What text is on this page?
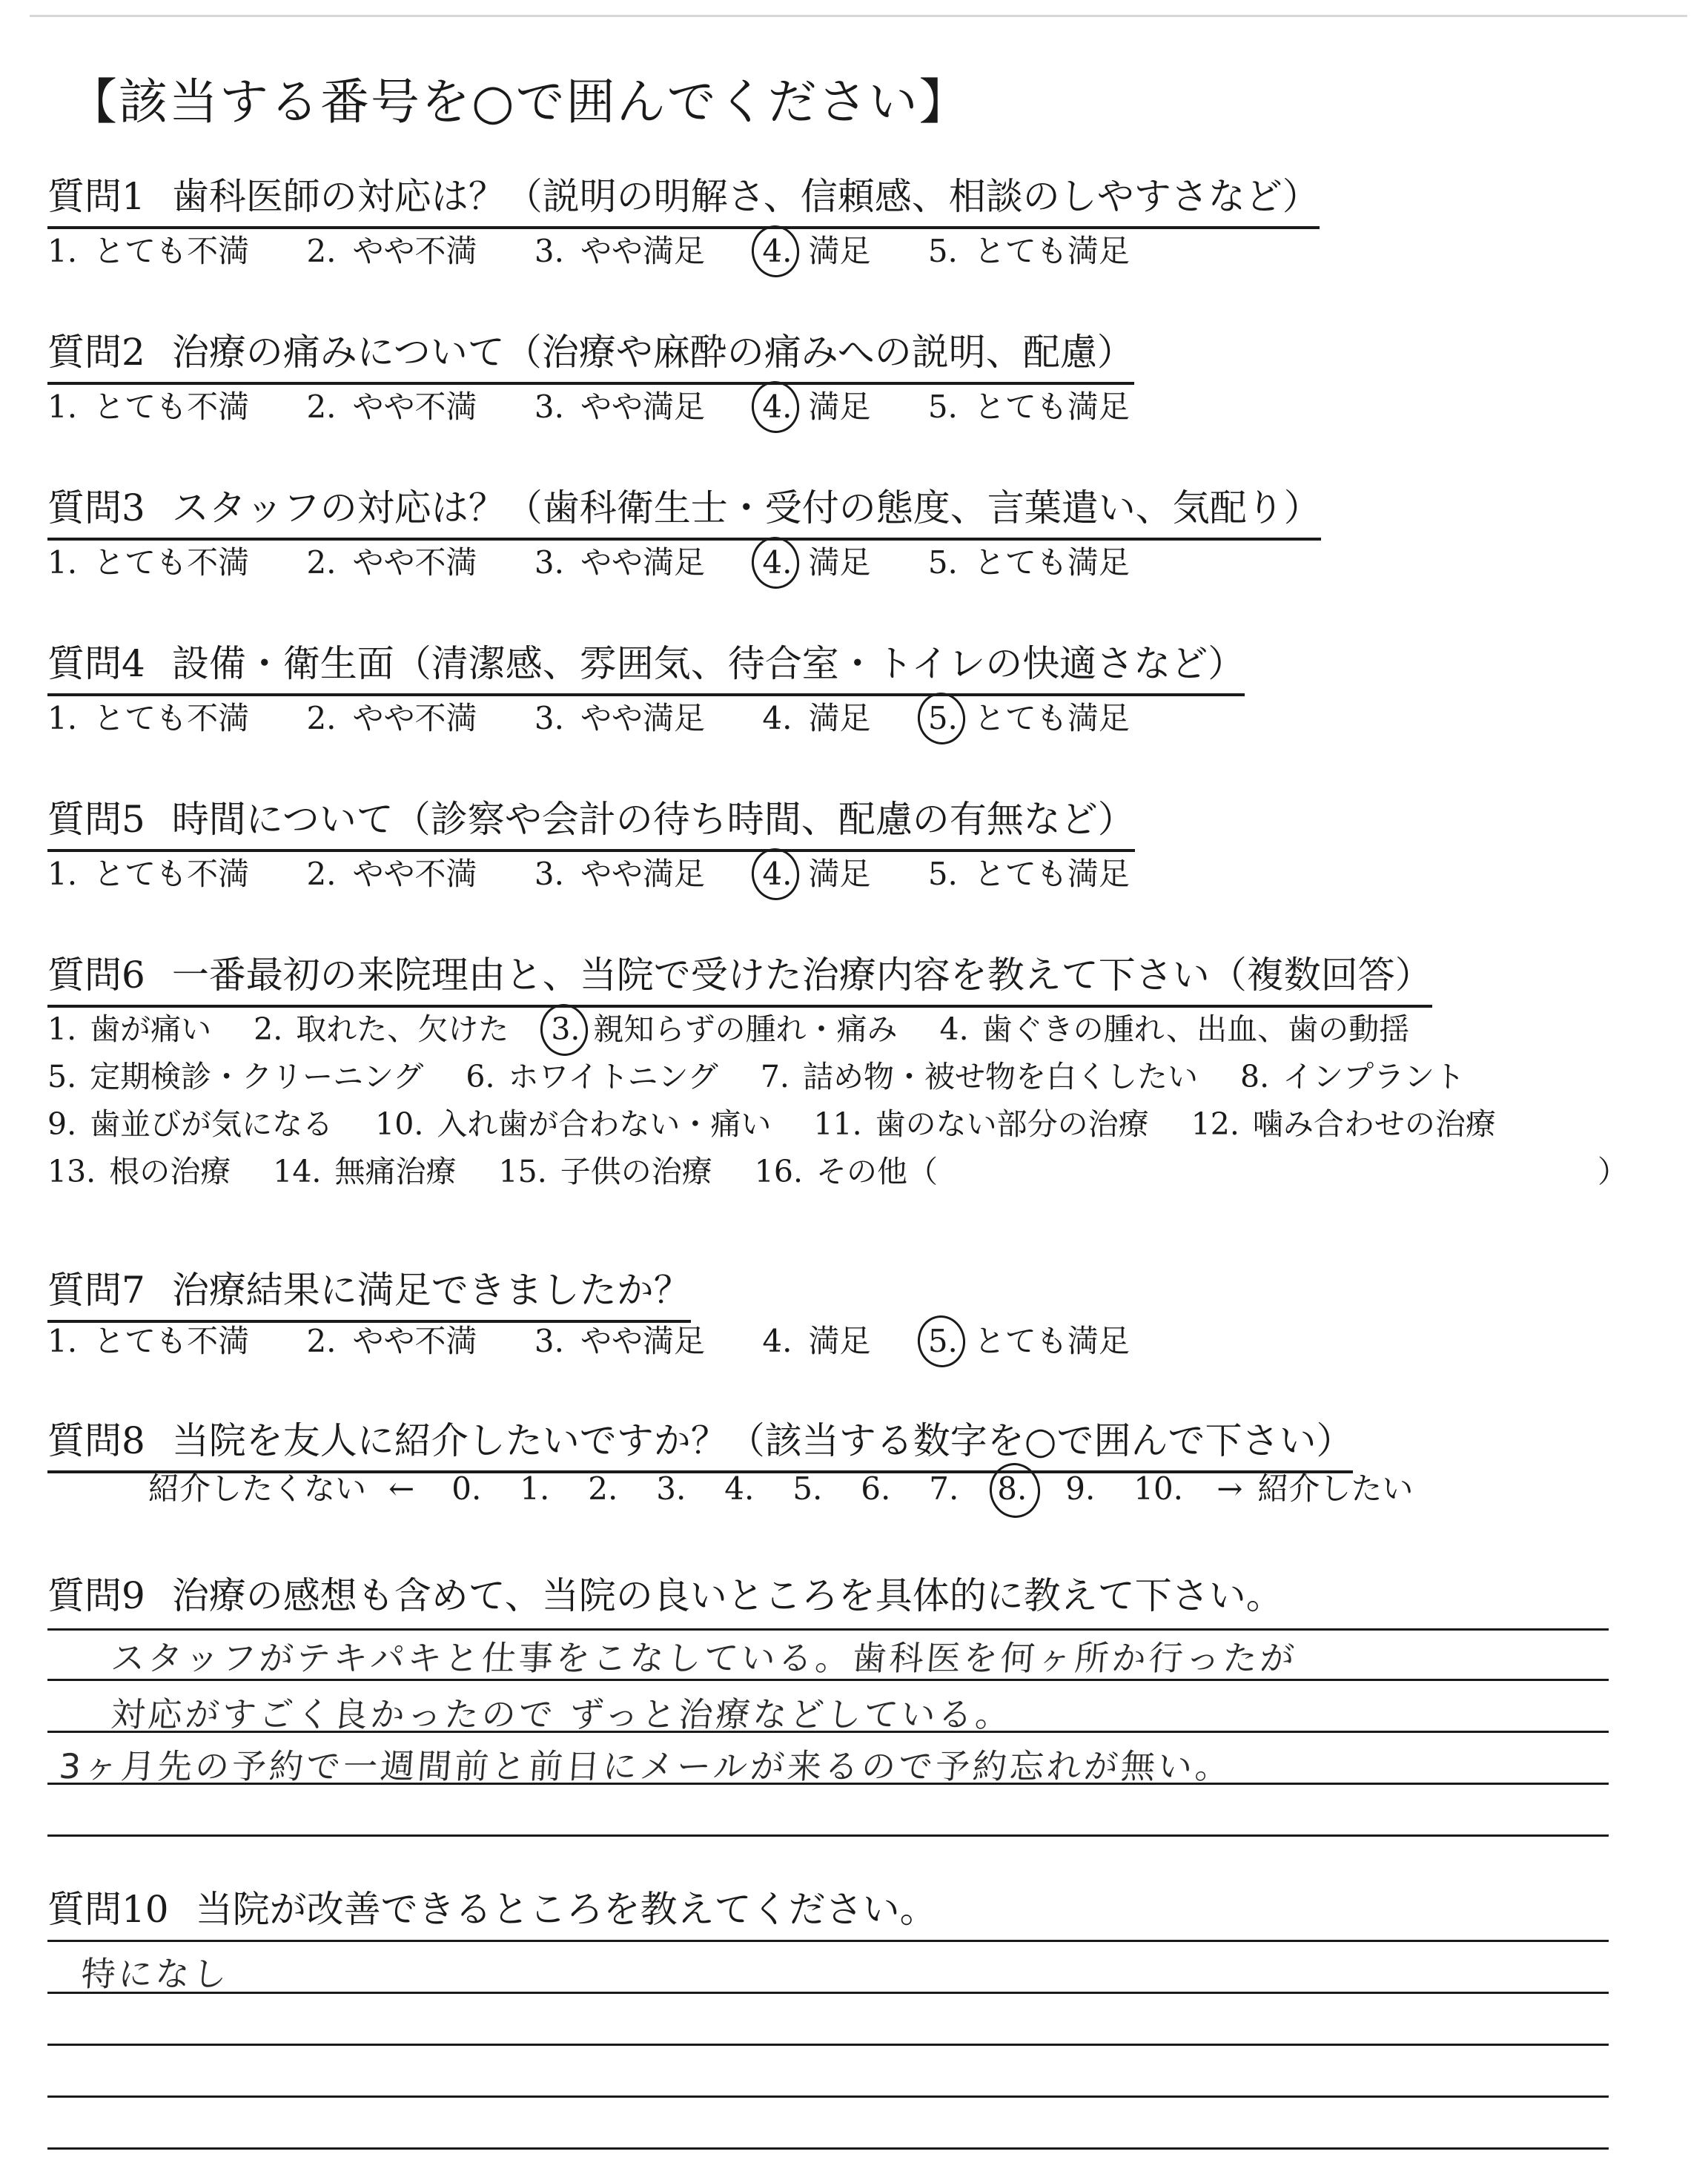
【該当する番号を○で囲んでください】
質問1 歯科医師の対応は？（説明の明解さ、信頼感、相談のしやすさなど）
1. とても不満 2. やや不満 3. やや満足 4. 満足 5. とても満足
質問2 治療の痛みについて（治療や麻酔の痛みへの説明、配慮）
1. とても不満 2. やや不満 3. やや満足 4. 満足 5. とても満足
質問3 スタッフの対応は？（歯科衛生士・受付の態度、言葉遣い、気配り）
1. とても不満 2. やや不満 3. やや満足 4. 満足 5. とても満足
質問4 設備・衛生面（清潔感、雰囲気、待合室・トイレの快適さなど）
1. とても不満 2. やや不満 3. やや満足 4. 満足 5. とても満足
質問5 時間について（診察や会計の待ち時間、配慮の有無など）
1. とても不満 2. やや不満 3. やや満足 4. 満足 5. とても満足
質問6 一番最初の来院理由と、当院で受けた治療内容を教えて下さい（複数回答）
1. 歯が痛い 2. 取れた、欠けた 3. 親知らずの腫れ・痛み 4. 歯ぐきの腫れ、出血、歯の動揺
5. 定期検診・クリーニング 6. ホワイトニング 7. 詰め物・被せ物を白くしたい 8. インプラント
9. 歯並びが気になる 10. 入れ歯が合わない・痛い 11. 歯のない部分の治療 12. 噛み合わせの治療
13. 根の治療 14. 無痛治療 15. 子供の治療 16. その他（	）
質問7 治療結果に満足できましたか？
1. とても不満 2. やや不満 3. やや満足 4. 満足 5. とても満足
質問8 当院を友人に紹介したいですか？（該当する数字を○で囲んで下さい）
紹介したくない ← 0. 1. 2. 3. 4. 5. 6. 7. 8. 9. 10. → 紹介したい
質問9 治療の感想も含めて、当院の良いところを具体的に教えて下さい。
スタッフがテキパキと仕事をこなしている。歯科医を何ヶ所か行ったが
対応がすごく良かったので ずっと治療などしている。
3ヶ月先の予約で一週間前と前日にメールが来るので予約忘れが無い。
質問10 当院が改善できるところを教えてください。
特になし
